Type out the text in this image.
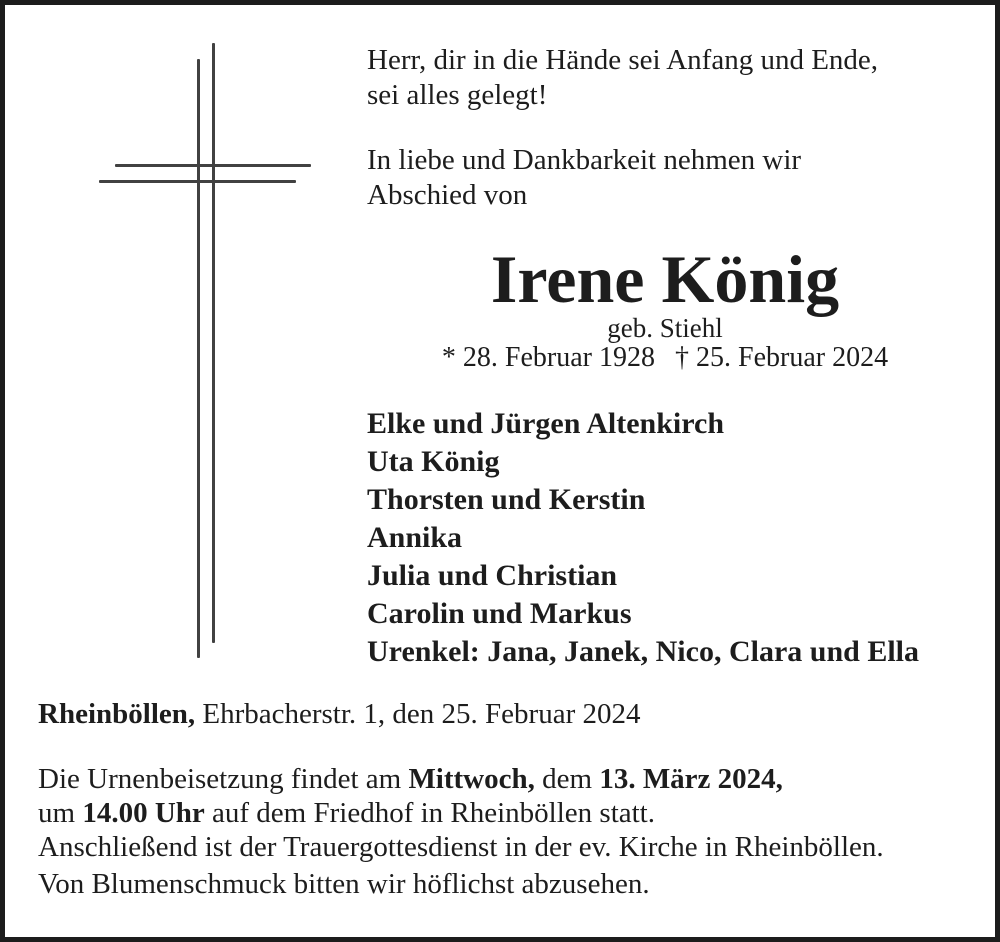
Herr, dir in die Hände sei Anfang und Ende,
sei alles gelegt!
In liebe und Dankbarkeit nehmen wir
Abschied von
Irene König
geb. Stiehl
* 28. Februar 1928 † 25. Februar 2024
Elke und Jürgen Altenkirch
Uta König
Thorsten und Kerstin
Annika
Julia und Christian
Carolin und Markus
Urenkel: Jana, Janek, Nico, Clara und Ella
Rheinböllen, Ehrbacherstr. 1, den 25. Februar 2024
Die Urnenbeisetzung findet am Mittwoch, dem 13. März 2024,
um 14.00 Uhr auf dem Friedhof in Rheinböllen statt.
Anschließend ist der Trauergottesdienst in der ev. Kirche in Rheinböllen.
Von Blumenschmuck bitten wir höflichst abzusehen.
